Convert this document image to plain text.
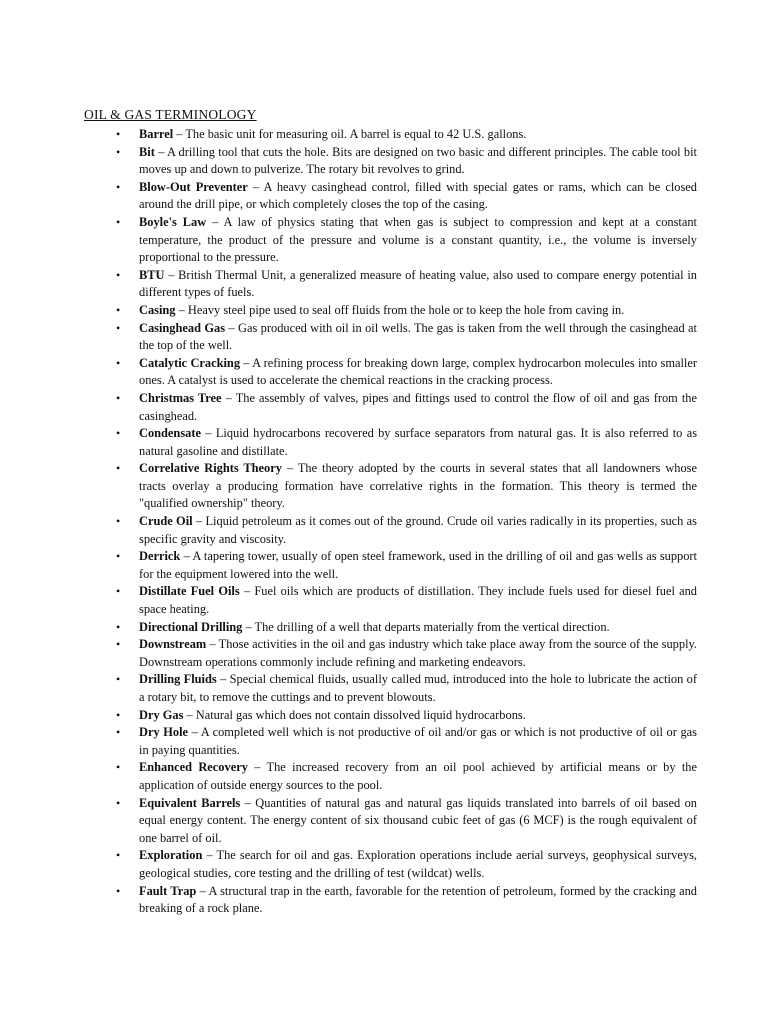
OIL & GAS TERMINOLOGY
• Barrel – The basic unit for measuring oil. A barrel is equal to 42 U.S. gallons.
• Bit – A drilling tool that cuts the hole. Bits are designed on two basic and different principles. The cable tool bit moves up and down to pulverize. The rotary bit revolves to grind.
• Blow-Out Preventer – A heavy casinghead control, filled with special gates or rams, which can be closed around the drill pipe, or which completely closes the top of the casing.
• Boyle's Law – A law of physics stating that when gas is subject to compression and kept at a constant temperature, the product of the pressure and volume is a constant quantity, i.e., the volume is inversely proportional to the pressure.
• BTU – British Thermal Unit, a generalized measure of heating value, also used to compare energy potential in different types of fuels.
• Casing – Heavy steel pipe used to seal off fluids from the hole or to keep the hole from caving in.
• Casinghead Gas – Gas produced with oil in oil wells. The gas is taken from the well through the casinghead at the top of the well.
• Catalytic Cracking – A refining process for breaking down large, complex hydrocarbon molecules into smaller ones. A catalyst is used to accelerate the chemical reactions in the cracking process.
• Christmas Tree – The assembly of valves, pipes and fittings used to control the flow of oil and gas from the casinghead.
• Condensate – Liquid hydrocarbons recovered by surface separators from natural gas. It is also referred to as natural gasoline and distillate.
• Correlative Rights Theory – The theory adopted by the courts in several states that all landowners whose tracts overlay a producing formation have correlative rights in the formation. This theory is termed the "qualified ownership" theory.
• Crude Oil – Liquid petroleum as it comes out of the ground. Crude oil varies radically in its properties, such as specific gravity and viscosity.
• Derrick – A tapering tower, usually of open steel framework, used in the drilling of oil and gas wells as support for the equipment lowered into the well.
• Distillate Fuel Oils – Fuel oils which are products of distillation. They include fuels used for diesel fuel and space heating.
• Directional Drilling – The drilling of a well that departs materially from the vertical direction.
• Downstream – Those activities in the oil and gas industry which take place away from the source of the supply. Downstream operations commonly include refining and marketing endeavors.
• Drilling Fluids – Special chemical fluids, usually called mud, introduced into the hole to lubricate the action of a rotary bit, to remove the cuttings and to prevent blowouts.
• Dry Gas – Natural gas which does not contain dissolved liquid hydrocarbons.
• Dry Hole – A completed well which is not productive of oil and/or gas or which is not productive of oil or gas in paying quantities.
• Enhanced Recovery – The increased recovery from an oil pool achieved by artificial means or by the application of outside energy sources to the pool.
• Equivalent Barrels – Quantities of natural gas and natural gas liquids translated into barrels of oil based on equal energy content. The energy content of six thousand cubic feet of gas (6 MCF) is the rough equivalent of one barrel of oil.
• Exploration – The search for oil and gas. Exploration operations include aerial surveys, geophysical surveys, geological studies, core testing and the drilling of test (wildcat) wells.
• Fault Trap – A structural trap in the earth, favorable for the retention of petroleum, formed by the cracking and breaking of a rock plane.
